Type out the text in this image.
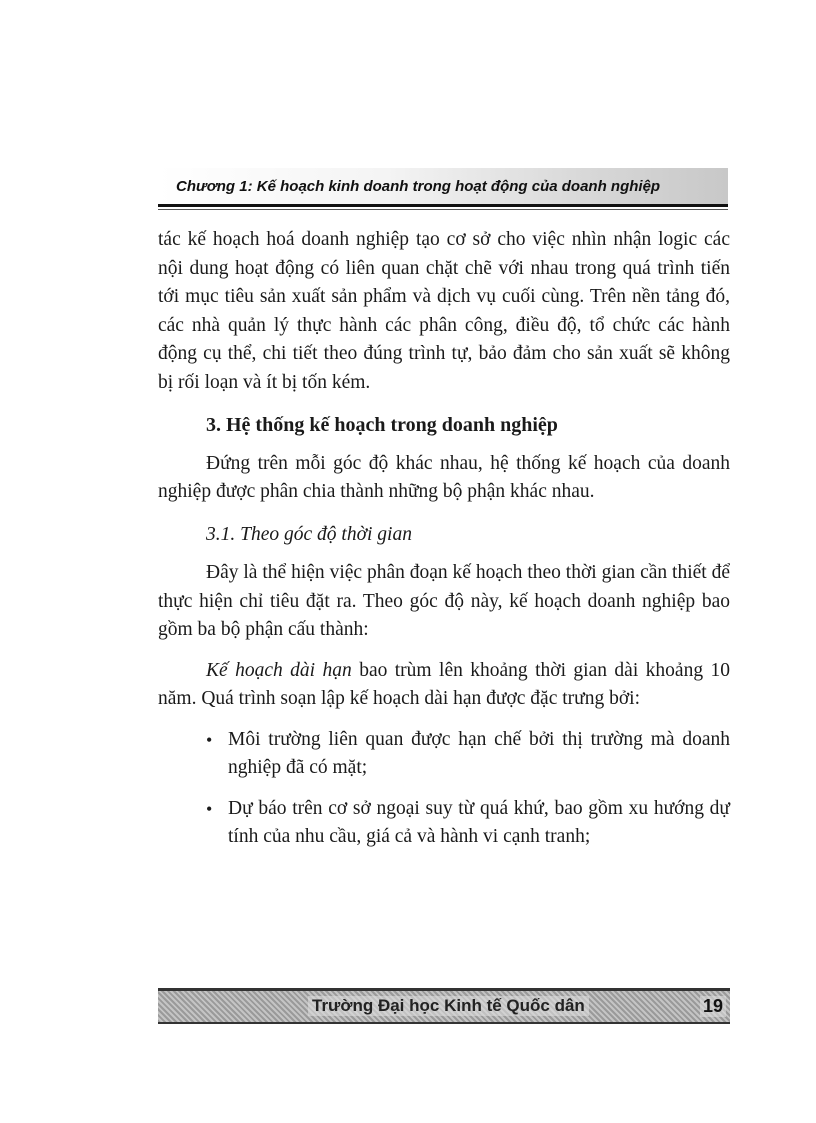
Chương 1: Kế hoạch kinh doanh trong hoạt động của doanh nghiệp

tác kế hoạch hoá doanh nghiệp tạo cơ sở cho việc nhìn nhận logic các nội dung hoạt động có liên quan chặt chẽ với nhau trong quá trình tiến tới mục tiêu sản xuất sản phẩm và dịch vụ cuối cùng. Trên nền tảng đó, các nhà quản lý thực hành các phân công, điều độ, tổ chức các hành động cụ thể, chi tiết theo đúng trình tự, bảo đảm cho sản xuất sẽ không bị rối loạn và ít bị tốn kém.

3. Hệ thống kế hoạch trong doanh nghiệp

Đứng trên mỗi góc độ khác nhau, hệ thống kế hoạch của doanh nghiệp được phân chia thành những bộ phận khác nhau.

3.1. Theo góc độ thời gian

Đây là thể hiện việc phân đoạn kế hoạch theo thời gian cần thiết để thực hiện chỉ tiêu đặt ra. Theo góc độ này, kế hoạch doanh nghiệp bao gồm ba bộ phận cấu thành:

Kế hoạch dài hạn bao trùm lên khoảng thời gian dài khoảng 10 năm. Quá trình soạn lập kế hoạch dài hạn được đặc trưng bởi:

• Môi trường liên quan được hạn chế bởi thị trường mà doanh nghiệp đã có mặt;
• Dự báo trên cơ sở ngoại suy từ quá khứ, bao gồm xu hướng dự tính của nhu cầu, giá cả và hành vi cạnh tranh;
Trường Đại học Kinh tế Quốc dân	19
